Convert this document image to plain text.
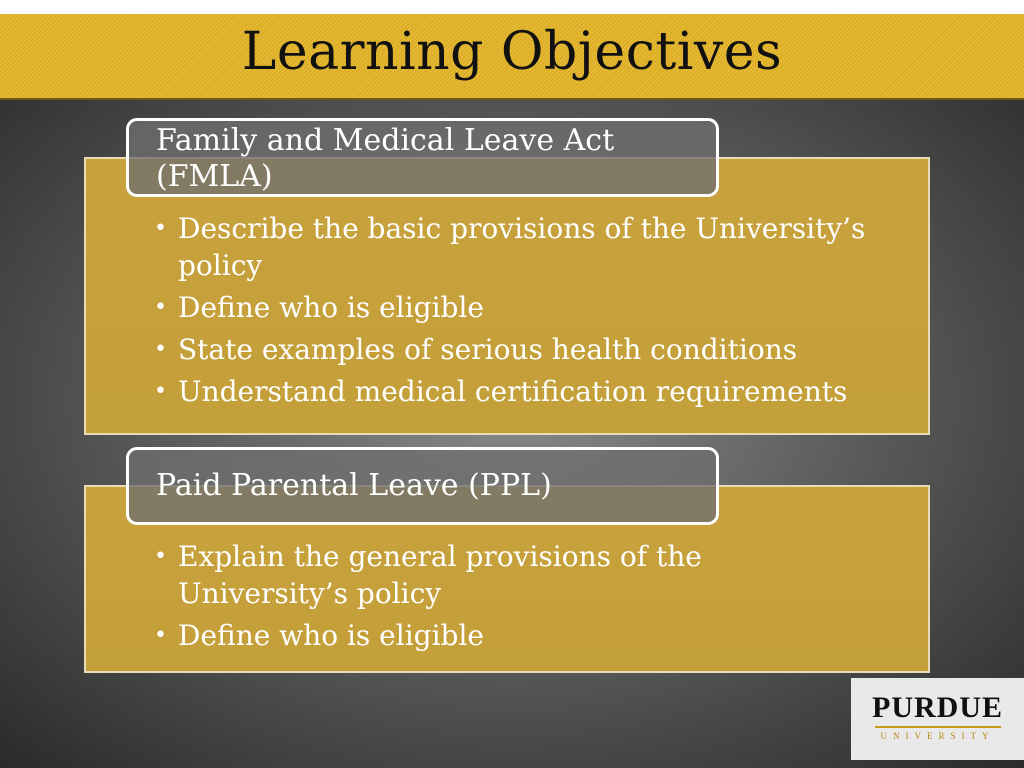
Learning Objectives
Family and Medical Leave Act (FMLA)
• Describe the basic provisions of the University’s policy
• Define who is eligible
• State examples of serious health conditions
• Understand medical certification requirements
Paid Parental Leave (PPL)
• Explain the general provisions of the University’s policy
• Define who is eligible
PURDUE
UNIVERSITY
